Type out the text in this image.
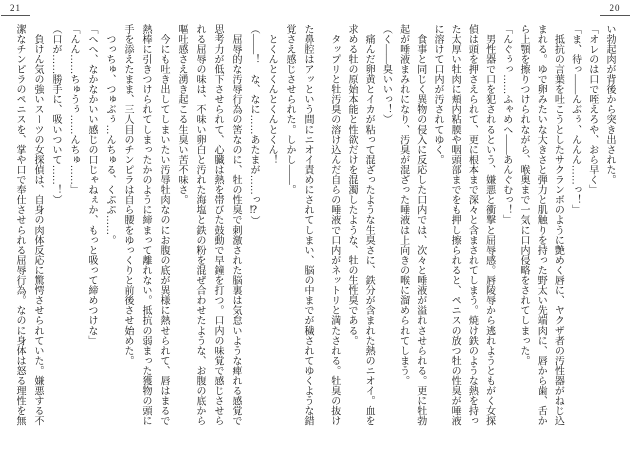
20
21
い勃起肉が背後から突き出された。
「オレのは口で咥えろや、おら早く」
「ま、待っ――んぶぅ、んんん……っ！」
　抵抗の言葉を吐こうとしたサクランボのように艶めく唇に、ヤクザ者の汚性器がねじ込
まれる。ゆで卵みたいな大きさと弾力と肌触りを持った野太い先端肉に、唇から歯、舌か
ら上顎を擦りつけられながら、喉奥まで一気に口内侵略をされてしまった。
「んぐぅっ……ふゃめへ――あんぐむっ！」
　男性器で口を犯されるという、嫌悪と衝撃と屈辱感。唇陵辱から逃れようともがく女探
偵は頭を押さえられて、更に根本まで深々と含まされてしまう。焼け鉄のような熱を持っ
た太厚い牡肉に頬内粘膜や咽頭部までをも押し擦られると、ペニスの放つ牡の性臭が唾液
に溶けて口内が汚されてゆく。
　食事と同じく異物の侵入に反応した口内では、次々と唾液が溢れさせられる。更に牡勃
起が唾液まみれになり、汚臭が混ざった唾液は上向きの喉に溜められてしまう。
（く――臭いいっ！）
　痛んだ卵黄とイカが粘って混ざったような生臭さに、鉄分が含まれた熱のニオイ。血を
求める牡の原始本能と性欲だけを混濁したような、牡の生性臭である。
　タップリと牡汚臭の溶け込んだ自らの唾液で口内がネットリと満たされる。牡臭の抜け
た鼻腔はアッという間にニオイ責めにされてしまい、脳の中までが穢されてゆくような錯
覚さえ感じさせられた。しかし――。
　とくんとくんとくんとくん！
（――！　な、なに……あたまが……っ⁉）
　屈辱的な汚辱行為の筈なのに、牡の性臭で刺激された脳裏は気怠いような痺れる感覚で
思考力が低下させられて、心臓は熱を帯びた鼓動で早鐘を打つ。口内の味覚で感じさせら
れる屈辱の味は、不味い卵白と汚れた海塩と鉄の粉を混ぜ合わせたような、お腹の底から
嘔吐感さえ湧き起こる生臭い苦不味さ。
　今にも吐き出してしまいたい汚辱牡肉なのにお腹の底が異様に熱せられて、唇はまるで
熱棒に引きつけられてしまったかのように締まって離れない。抵抗の弱まった獲物の頭に
手を添えたまま、三人目のチンピラは自ら腰をゆっくりと前後させ始めた。
　つっちゅ、つゅぶぅ…んちゅる、くぷぷ……。
「へへ、なかなかいい感じの口じゃねぇか、もっと吸って締めつけな」
「んん……ちゅうぅ……んちゅ……」
（口が……勝手に、吸いついて……！）
　負けん気の強いスーツの女探偵は、自身の肉体反応に驚愕させられていた。嫌悪する不
潔なチンピラのペニスを、掌や口で奉仕させられる屈辱行為。なのに身体は怒る理性を無
